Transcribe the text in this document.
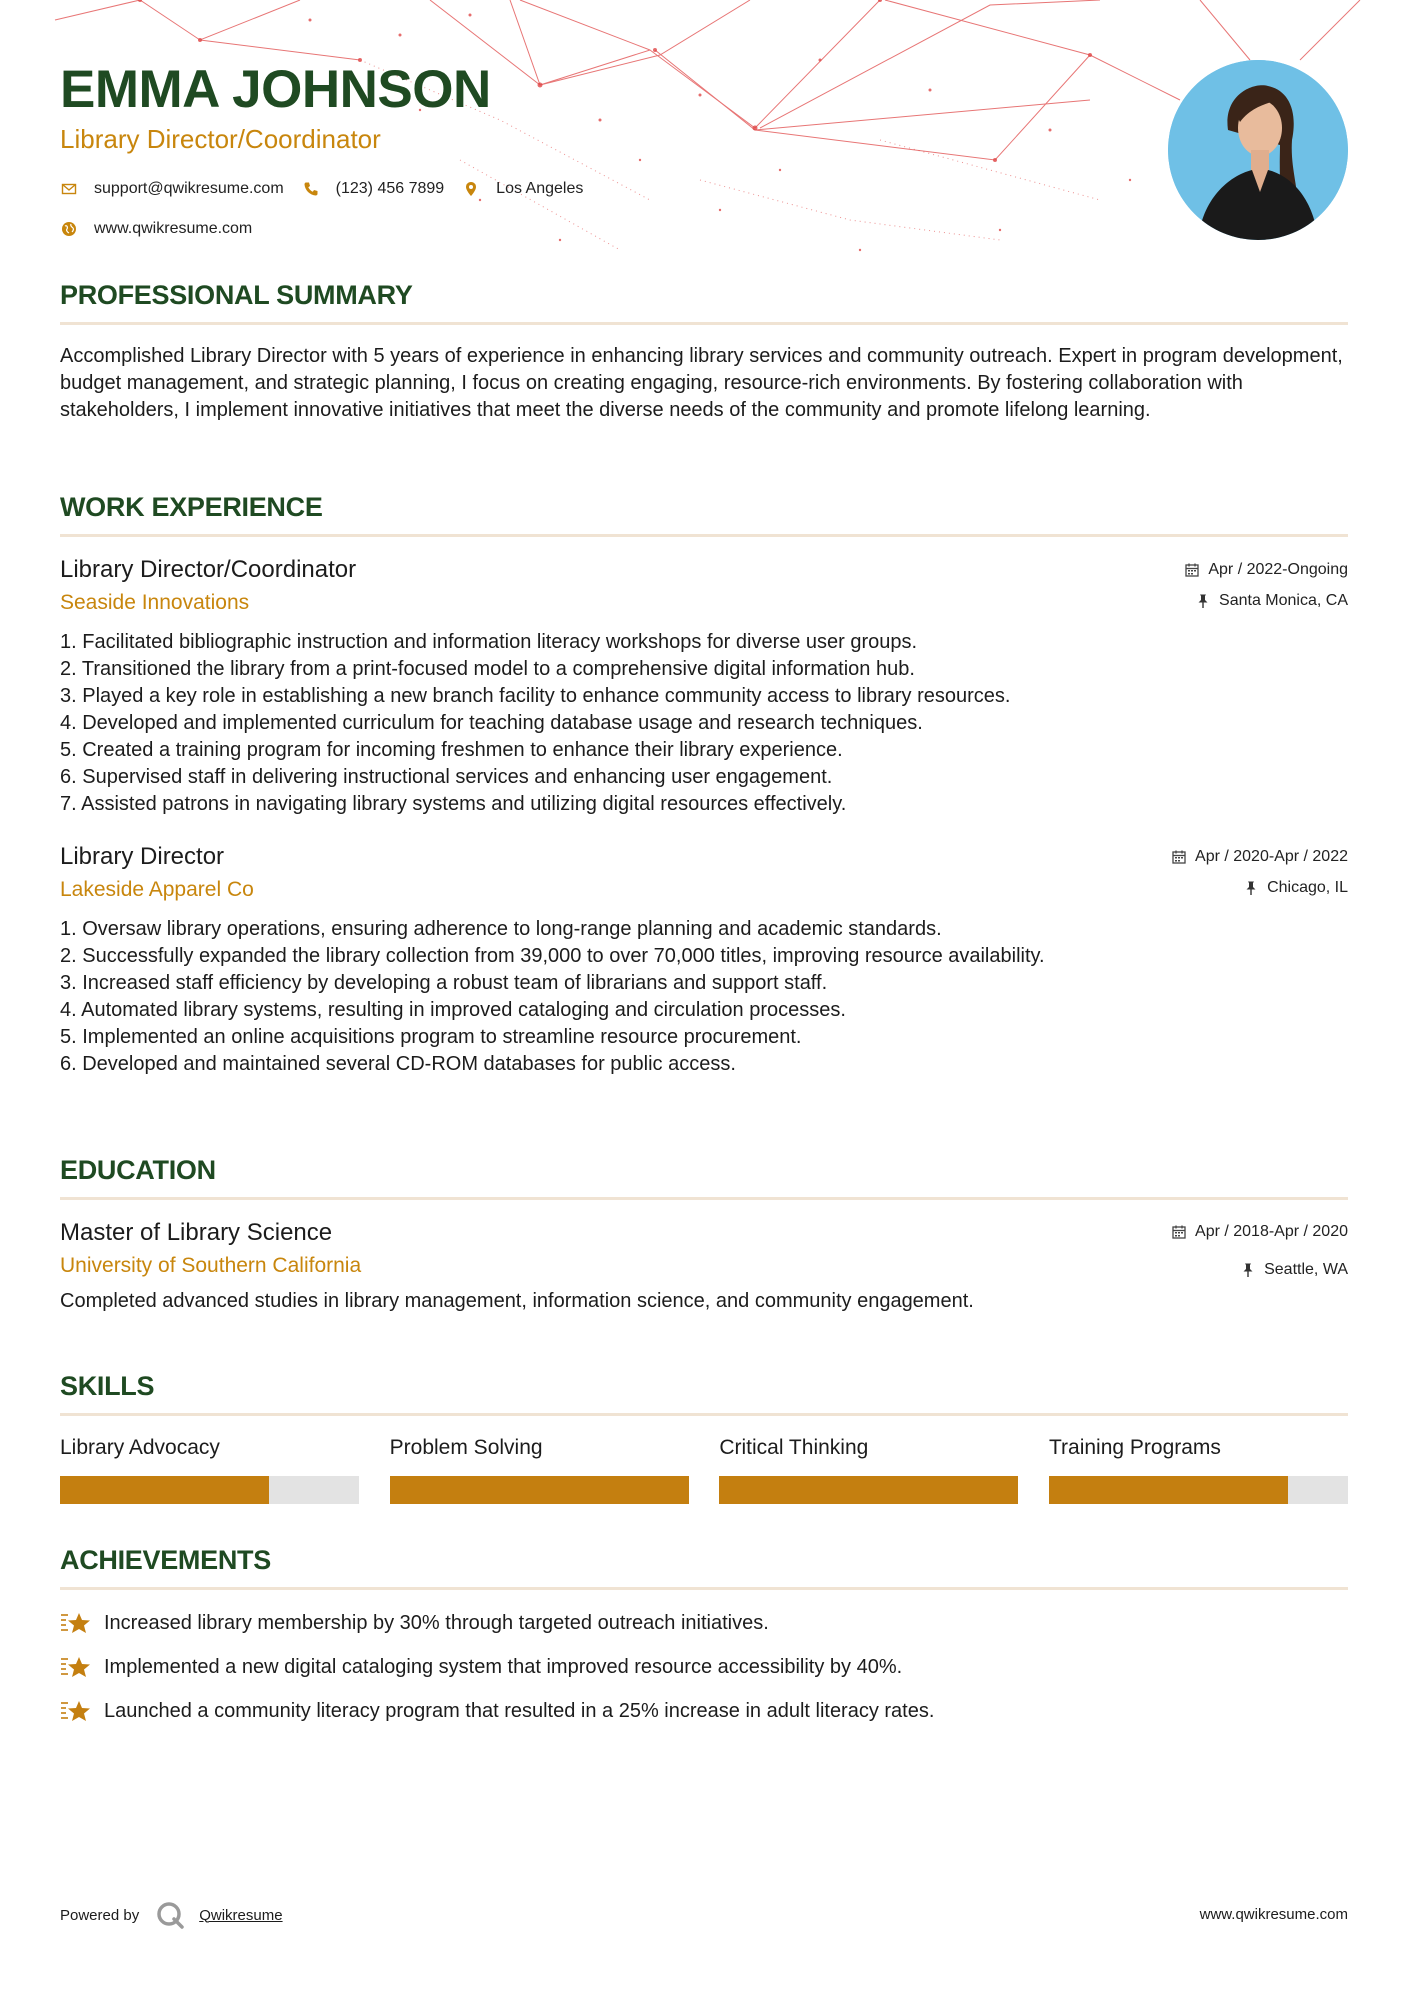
EMMA JOHNSON
Library Director/Coordinator
support@qwikresume.com	(123) 456 7899	Los Angeles
www.qwikresume.com
PROFESSIONAL SUMMARY
Accomplished Library Director with 5 years of experience in enhancing library services and community outreach. Expert in program development, budget management, and strategic planning, I focus on creating engaging, resource-rich environments. By fostering collaboration with stakeholders, I implement innovative initiatives that meet the diverse needs of the community and promote lifelong learning.
WORK EXPERIENCE
Library Director/Coordinator
Seaside Innovations
Apr / 2022-Ongoing
Santa Monica, CA
1. Facilitated bibliographic instruction and information literacy workshops for diverse user groups.
2. Transitioned the library from a print-focused model to a comprehensive digital information hub.
3. Played a key role in establishing a new branch facility to enhance community access to library resources.
4. Developed and implemented curriculum for teaching database usage and research techniques.
5. Created a training program for incoming freshmen to enhance their library experience.
6. Supervised staff in delivering instructional services and enhancing user engagement.
7. Assisted patrons in navigating library systems and utilizing digital resources effectively.
Library Director
Lakeside Apparel Co
Apr / 2020-Apr / 2022
Chicago, IL
1. Oversaw library operations, ensuring adherence to long-range planning and academic standards.
2. Successfully expanded the library collection from 39,000 to over 70,000 titles, improving resource availability.
3. Increased staff efficiency by developing a robust team of librarians and support staff.
4. Automated library systems, resulting in improved cataloging and circulation processes.
5. Implemented an online acquisitions program to streamline resource procurement.
6. Developed and maintained several CD-ROM databases for public access.
EDUCATION
Master of Library Science
University of Southern California
Apr / 2018-Apr / 2020
Seattle, WA
Completed advanced studies in library management, information science, and community engagement.
SKILLS
Library Advocacy	Problem Solving	Critical Thinking	Training Programs
ACHIEVEMENTS
Increased library membership by 30% through targeted outreach initiatives.
Implemented a new digital cataloging system that improved resource accessibility by 40%.
Launched a community literacy program that resulted in a 25% increase in adult literacy rates.
Powered by	Qwikresume	www.qwikresume.com
